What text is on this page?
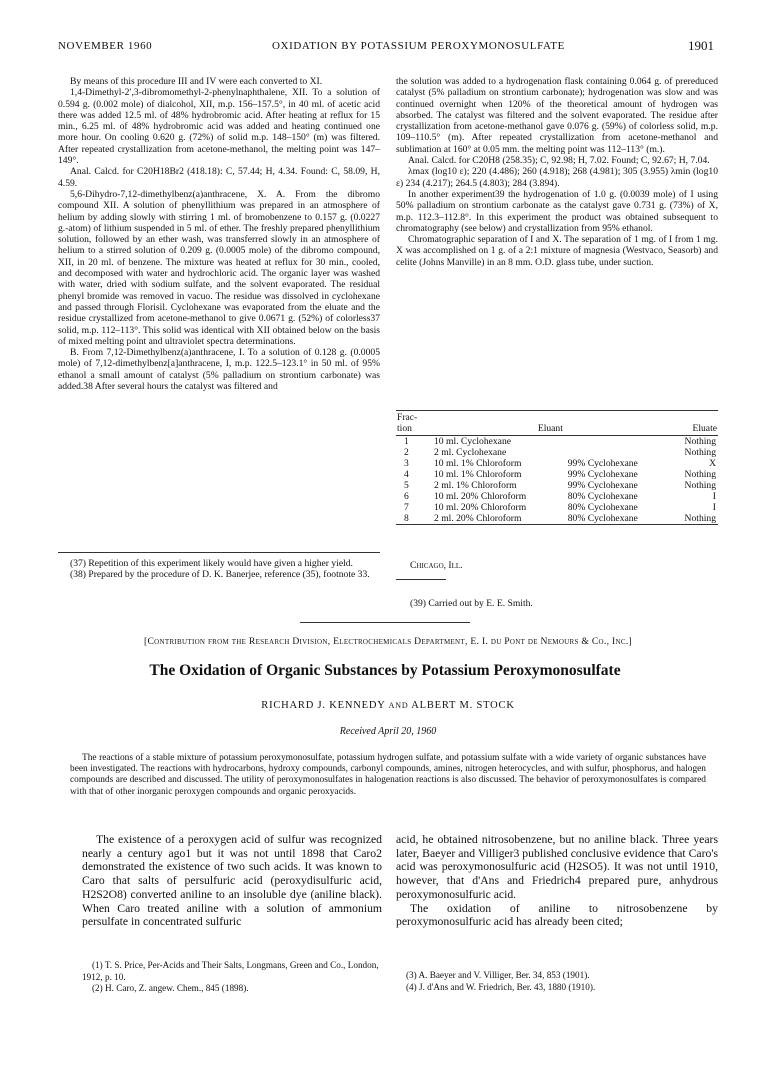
NOVEMBER 1960	OXIDATION BY POTASSIUM PEROXYMONOSULFATE	1901

By means of this procedure III and IV were each converted to XI.

1,4-Dimethyl-2′,3-dibromomethyl-2-phenylnaphthalene, XII. To a solution of 0.594 g. (0.002 mole) of dialcohol, XII, m.p. 156–157.5°, in 40 ml. of acetic acid there was added 12.5 ml. of 48% hydrobromic acid. After heating at reflux for 15 min., 6.25 ml. of 48% hydrobromic acid was added and heating continued one more hour. On cooling 0.620 g. (72%) of solid m.p. 148–150° (m) was filtered. After repeated crystallization from acetone-methanol, the melting point was 147–149°.

Anal. Calcd. for C20H18Br2 (418.18): C, 57.44; H, 4.34. Found: C, 58.09, H, 4.59.

5,6-Dihydro-7,12-dimethylbenz(a)anthracene, X. A. From the dibromo compound XII. A solution of phenyllithium was prepared in an atmosphere of helium by adding slowly with stirring 1 ml. of bromobenzene to 0.157 g. (0.0227 g.-atom) of lithium suspended in 5 ml. of ether. The freshly prepared phenyllithium solution, followed by an ether wash, was transferred slowly in an atmosphere of helium to a stirred solution of 0.209 g. (0.0005 mole) of the dibromo compound, XII, in 20 ml. of benzene. The mixture was heated at reflux for 30 min., cooled, and decomposed with water and hydrochloric acid. The organic layer was washed with water, dried with sodium sulfate, and the solvent evaporated. The residual phenyl bromide was removed in vacuo. The residue was dissolved in cyclohexane and passed through Florisil. Cyclohexane was evaporated from the eluate and the residue crystallized from acetone-methanol to give 0.0671 g. (52%) of colorless37 solid, m.p. 112–113°. This solid was identical with XII obtained below on the basis of mixed melting point and ultraviolet spectra determinations.

B. From 7,12-Dimethylbenz(a)anthracene, I. To a solution of 0.128 g. (0.0005 mole) of 7,12-dimethylbenz[a]anthracene, I, m.p. 122.5–123.1° in 50 ml. of 95% ethanol a small amount of catalyst (5% palladium on strontium carbonate) was added.38 After several hours the catalyst was filtered and

the solution was added to a hydrogenation flask containing 0.064 g. of prereduced catalyst (5% palladium on strontium carbonate); hydrogenation was slow and was continued overnight when 120% of the theoretical amount of hydrogen was absorbed. The catalyst was filtered and the solvent evaporated. The residue after crystallization from acetone-methanol gave 0.076 g. (59%) of colorless solid, m.p. 109–110.5° (m). After repeated crystallization from acetone-methanol and sublimation at 160° at 0.05 mm. the melting point was 112–113° (m.).

Anal. Calcd. for C20H8 (258.35); C, 92.98; H, 7.02. Found; C, 92.67; H, 7.04.

λmax (log10 ε); 220 (4.486); 260 (4.918); 268 (4.981); 305 (3.955) λmin (log10 ε) 234 (4.217); 264.5 (4.803); 284 (3.894).

In another experiment39 the hydrogenation of 1.0 g. (0.0039 mole) of I using 50% palladium on strontium carbonate as the catalyst gave 0.731 g. (73%) of X, m.p. 112.3–112.8°. In this experiment the product was obtained subsequent to chromatography (see below) and crystallization from 95% ethanol.

Chromatographic separation of I and X. The separation of 1 mg. of I from 1 mg. X was accomplished on 1 g. of a 2:1 mixture of magnesia (Westvaco, Seasorb) and celite (Johns Manville) in an 8 mm. O.D. glass tube, under suction.

Frac-
tion	Eluant		Eluate
1	10 ml. Cyclohexane		Nothing
2	2 ml. Cyclohexane		Nothing
3	10 ml. 1% Chloroform	99% Cyclohexane	X
4	10 ml. 1% Chloroform	99% Cyclohexane	Nothing
5	2 ml. 1% Chloroform	99% Cyclohexane	Nothing
6	10 ml. 20% Chloroform	80% Cyclohexane	I
7	10 ml. 20% Chloroform	80% Cyclohexane	I
8	2 ml. 20% Chloroform	80% Cyclohexane	Nothing
Chicago, Ill.

(37) Repetition of this experiment likely would have given a higher yield.

(38) Prepared by the procedure of D. K. Banerjee, reference (35), footnote 33.

(39) Carried out by E. E. Smith.
[Contribution from the Research Division, Electrochemicals Department, E. I. du Pont de Nemours & Co., Inc.]
The Oxidation of Organic Substances by Potassium Peroxymonosulfate
RICHARD J. KENNEDY AND ALBERT M. STOCK
Received April 20, 1960
The reactions of a stable mixture of potassium peroxymonosulfate, potassium hydrogen sulfate, and potassium sulfate with a wide variety of organic substances have been investigated. The reactions with hydrocarbons, hydroxy compounds, carbonyl compounds, amines, nitrogen heterocycles, and with sulfur, phosphorus, and halogen compounds are described and discussed. The utility of peroxymonosulfates in halogenation reactions is also discussed. The behavior of peroxymonosulfates is compared with that of other inorganic peroxygen compounds and organic peroxyacids.

The existence of a peroxygen acid of sulfur was recognized nearly a century ago1 but it was not until 1898 that Caro2 demonstrated the existence of two such acids. It was known to Caro that salts of persulfuric acid (peroxydisulfuric acid, H2S2O8) converted aniline to an insoluble dye (aniline black). When Caro treated aniline with a solution of ammonium persulfate in concentrated sulfuric

acid, he obtained nitrosobenzene, but no aniline black. Three years later, Baeyer and Villiger3 published conclusive evidence that Caro's acid was peroxymonosulfuric acid (H2SO5). It was not until 1910, however, that d'Ans and Friedrich4 prepared pure, anhydrous peroxymonosulfuric acid.

The oxidation of aniline to nitrosobenzene by peroxymonosulfuric acid has already been cited;

(1) T. S. Price, Per-Acids and Their Salts, Longmans, Green and Co., London, 1912, p. 10.

(2) H. Caro, Z. angew. Chem., 845 (1898).

(3) A. Baeyer and V. Villiger, Ber. 34, 853 (1901).

(4) J. d'Ans and W. Friedrich, Ber. 43, 1880 (1910).
